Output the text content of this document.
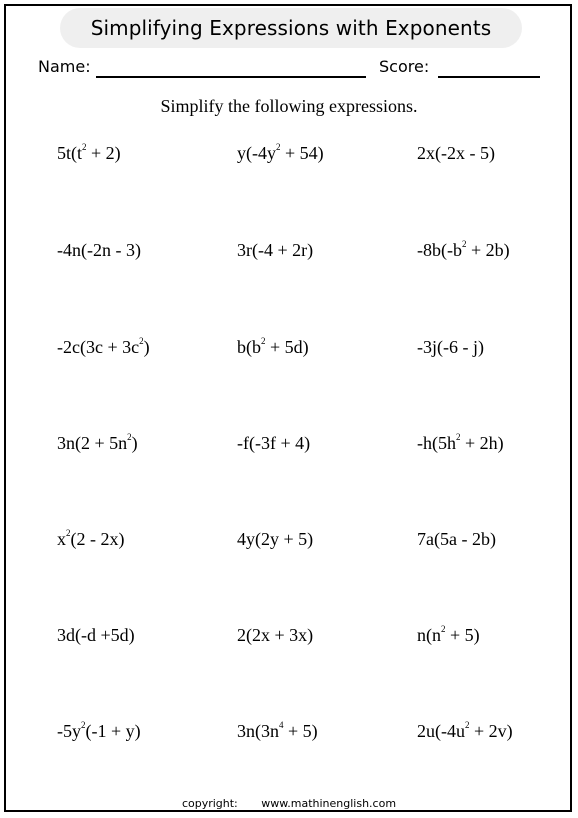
Simplifying Expressions with Exponents
Name:	Score:
Simplify the following expressions.
$5t(t^2 + 2)$	$y(-4y^2 + 54)$	2x(-2x - 5)
-4n(-2n - 3)	3r(-4 + 2r)	$-8b(-b^2 + 2b)$
$-2c(3c + 3c^2)$	$b(b^2 + 5d)$	-3j(-6 - j)
$3n(2 + 5n^2)$	-f(-3f + 4)	$-h(5h^2 + 2h)$
$x^2(2 - 2x)$	4y(2y + 5)	7a(5a - 2b)
3d(-d +5d)	2(2x + 3x)	$n(n^2 + 5)$
$-5y^2(-1 + y)$	$3n(3n^4 + 5)$	$2u(-4u^2 + 2v)$
copyright: www.mathinenglish.com
